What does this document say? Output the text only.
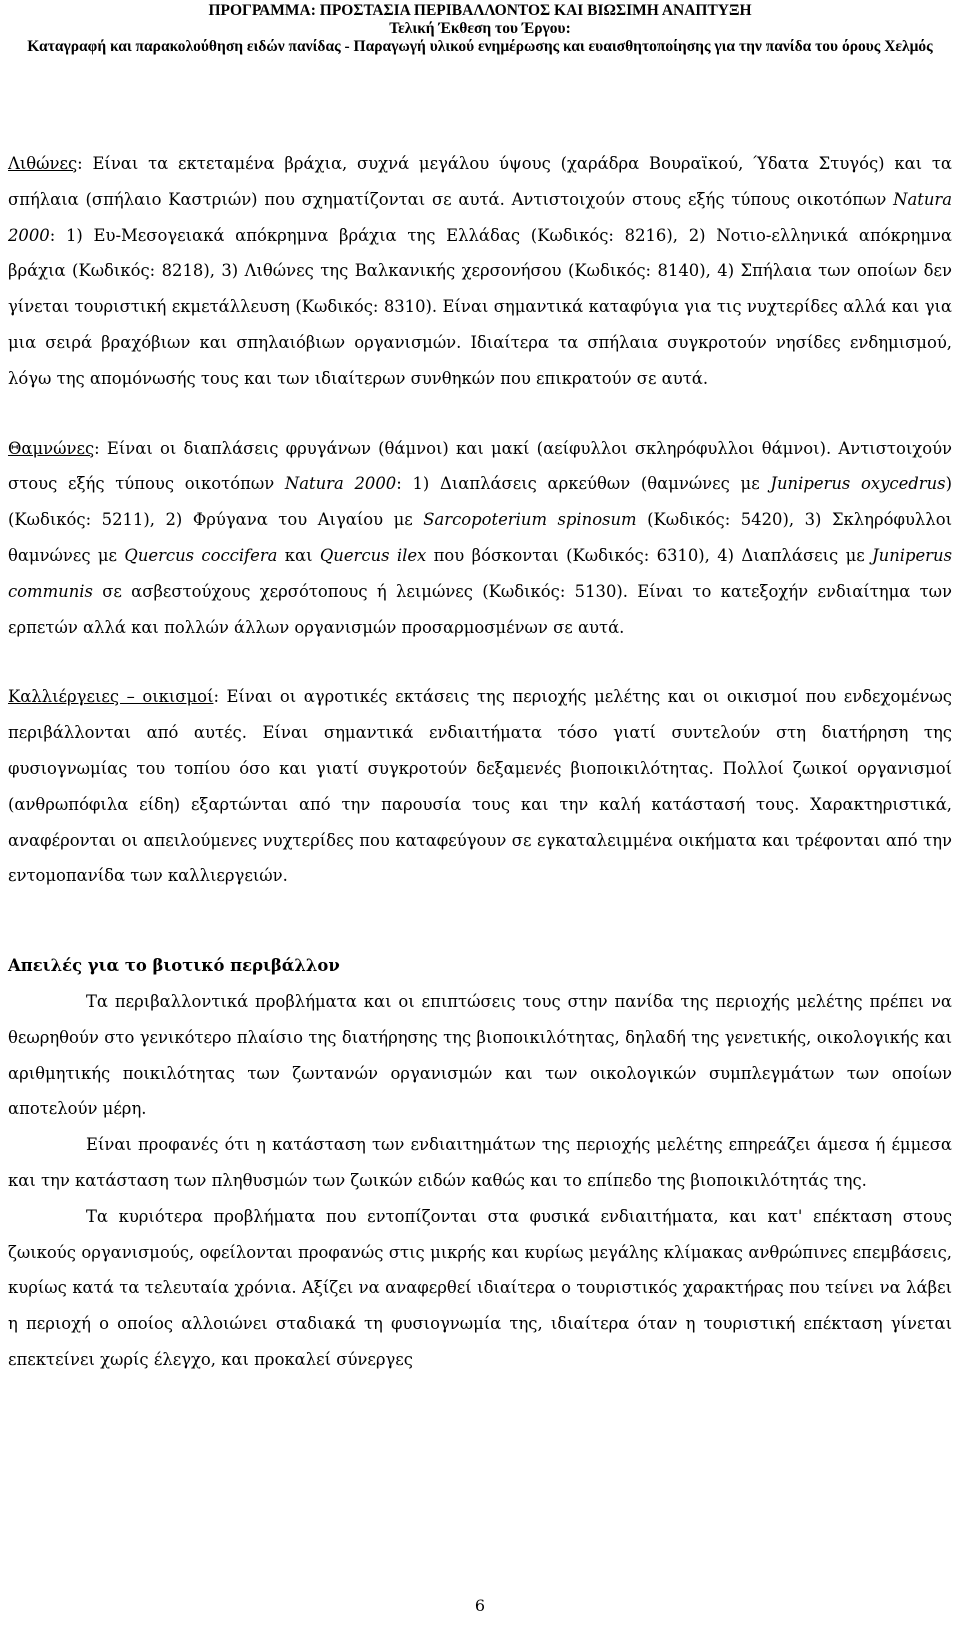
ΠΡΟΓΡΑΜΜΑ: ΠΡΟΣΤΑΣΙΑ ΠΕΡΙΒΑΛΛΟΝΤΟΣ ΚΑΙ ΒΙΩΣΙΜΗ ΑΝΑΠΤΥΞΗ
Τελική Έκθεση του Έργου:
Καταγραφή και παρακολούθηση ειδών πανίδας - Παραγωγή υλικού ενημέρωσης και ευαισθητοποίησης για την πανίδα του όρους Χελμός

Λιθώνες: Είναι τα εκτεταμένα βράχια, συχνά μεγάλου ύψους (χαράδρα Βουραϊκού, Ύδατα Στυγός) και τα σπήλαια (σπήλαιο Καστριών) που σχηματίζονται σε αυτά. Αντιστοιχούν στους εξής τύπους οικοτόπων Natura 2000: 1) Ευ-Μεσογειακά απόκρημνα βράχια της Ελλάδας (Κωδικός: 8216), 2) Νοτιο-ελληνικά απόκρημνα βράχια (Κωδικός: 8218), 3) Λιθώνες της Βαλκανικής χερσονήσου (Κωδικός: 8140), 4) Σπήλαια των οποίων δεν γίνεται τουριστική εκμετάλλευση (Κωδικός: 8310). Είναι σημαντικά καταφύγια για τις νυχτερίδες αλλά και για μια σειρά βραχόβιων και σπηλαιόβιων οργανισμών. Ιδιαίτερα τα σπήλαια συγκροτούν νησίδες ενδημισμού, λόγω της απομόνωσής τους και των ιδιαίτερων συνθηκών που επικρατούν σε αυτά.

Θαμνώνες: Είναι οι διαπλάσεις φρυγάνων (θάμνοι) και μακί (αείφυλλοι σκληρόφυλλοι θάμνοι). Αντιστοιχούν στους εξής τύπους οικοτόπων Natura 2000: 1) Διαπλάσεις αρκεύθων (θαμνώνες με Juniperus oxycedrus) (Κωδικός: 5211), 2) Φρύγανα του Αιγαίου με Sarcopoterium spinosum (Κωδικός: 5420), 3) Σκληρόφυλλοι θαμνώνες με Quercus coccifera και Quercus ilex που βόσκονται (Κωδικός: 6310), 4) Διαπλάσεις με Juniperus communis σε ασβεστούχους χερσότοπους ή λειμώνες (Κωδικός: 5130). Είναι το κατεξοχήν ενδιαίτημα των ερπετών αλλά και πολλών άλλων οργανισμών προσαρμοσμένων σε αυτά.

Καλλιέργειες – οικισμοί: Είναι οι αγροτικές εκτάσεις της περιοχής μελέτης και οι οικισμοί που ενδεχομένως περιβάλλονται από αυτές. Είναι σημαντικά ενδιαιτήματα τόσο γιατί συντελούν στη διατήρηση της φυσιογνωμίας του τοπίου όσο και γιατί συγκροτούν δεξαμενές βιοποικιλότητας. Πολλοί ζωικοί οργανισμοί (ανθρωπόφιλα είδη) εξαρτώνται από την παρουσία τους και την καλή κατάστασή τους. Χαρακτηριστικά, αναφέρονται οι απειλούμενες νυχτερίδες που καταφεύγουν σε εγκαταλειμμένα οικήματα και τρέφονται από την εντομοπανίδα των καλλιεργειών.

Απειλές για το βιοτικό περιβάλλον

Τα περιβαλλοντικά προβλήματα και οι επιπτώσεις τους στην πανίδα της περιοχής μελέτης πρέπει να θεωρηθούν στο γενικότερο πλαίσιο της διατήρησης της βιοποικιλότητας, δηλαδή της γενετικής, οικολογικής και αριθμητικής ποικιλότητας των ζωντανών οργανισμών και των οικολογικών συμπλεγμάτων των οποίων αποτελούν μέρη.

Είναι προφανές ότι η κατάσταση των ενδιαιτημάτων της περιοχής μελέτης επηρεάζει άμεσα ή έμμεσα και την κατάσταση των πληθυσμών των ζωικών ειδών καθώς και το επίπεδο της βιοποικιλότητάς της.

Τα κυριότερα προβλήματα που εντοπίζονται στα φυσικά ενδιαιτήματα, και κατ' επέκταση στους ζωικούς οργανισμούς, οφείλονται προφανώς στις μικρής και κυρίως μεγάλης κλίμακας ανθρώπινες επεμβάσεις, κυρίως κατά τα τελευταία χρόνια. Αξίζει να αναφερθεί ιδιαίτερα ο τουριστικός χαρακτήρας που τείνει να λάβει η περιοχή ο οποίος αλλοιώνει σταδιακά τη φυσιογνωμία της, ιδιαίτερα όταν η τουριστική επέκταση γίνεται επεκτείνει χωρίς έλεγχο, και προκαλεί σύνεργες

6
